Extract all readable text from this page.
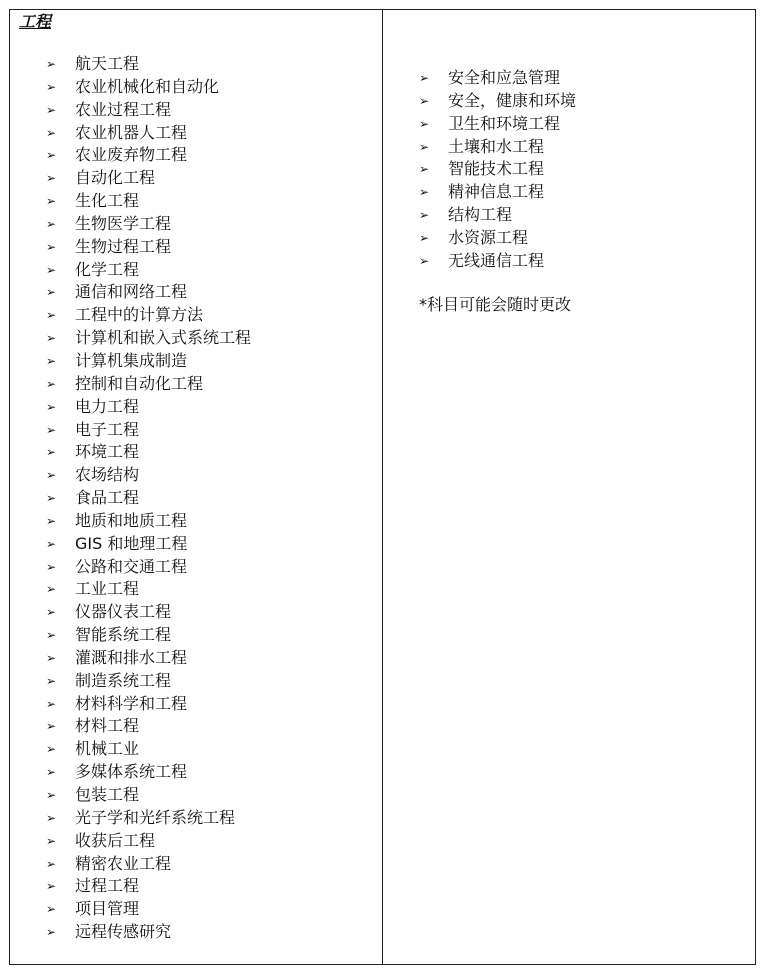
工程
➢	航天工程
➢	农业机械化和自动化
➢	农业过程工程
➢	农业机器人工程
➢	农业废弃物工程
➢	自动化工程
➢	生化工程
➢	生物医学工程
➢	生物过程工程
➢	化学工程
➢	通信和网络工程
➢	工程中的计算方法
➢	计算机和嵌入式系统工程
➢	计算机集成制造
➢	控制和自动化工程
➢	电力工程
➢	电子工程
➢	环境工程
➢	农场结构
➢	食品工程
➢	地质和地质工程
➢	GIS 和地理工程
➢	公路和交通工程
➢	工业工程
➢	仪器仪表工程
➢	智能系统工程
➢	灌溉和排水工程
➢	制造系统工程
➢	材料科学和工程
➢	材料工程
➢	机械工业
➢	多媒体系统工程
➢	包装工程
➢	光子学和光纤系统工程
➢	收获后工程
➢	精密农业工程
➢	过程工程
➢	项目管理
➢	远程传感研究
➢	安全和应急管理
➢	安全，健康和环境
➢	卫生和环境工程
➢	土壤和水工程
➢	智能技术工程
➢	精神信息工程
➢	结构工程
➢	水资源工程
➢	无线通信工程

*科目可能会随时更改
